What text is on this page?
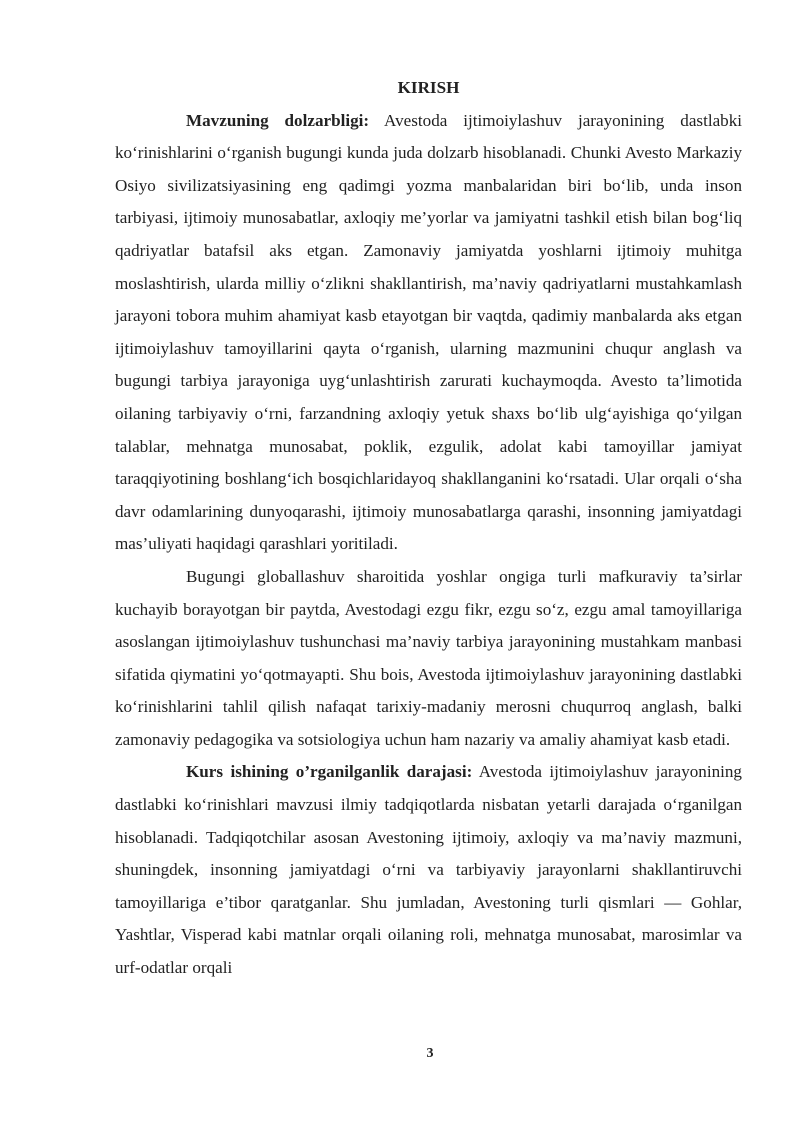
KIRISH

Mavzuning dolzarbligi: Avestoda ijtimoiylashuv jarayonining dastlabki koʻrinishlarini oʻrganish bugungi kunda juda dolzarb hisoblanadi. Chunki Avesto Markaziy Osiyo sivilizatsiyasining eng qadimgi yozma manbalaridan biri boʻlib, unda inson tarbiyasi, ijtimoiy munosabatlar, axloqiy me’yorlar va jamiyatni tashkil etish bilan bogʻliq qadriyatlar batafsil aks etgan. Zamonaviy jamiyatda yoshlarni ijtimoiy muhitga moslashtirish, ularda milliy oʻzlikni shakllantirish, ma’naviy qadriyatlarni mustahkamlash jarayoni tobora muhim ahamiyat kasb etayotgan bir vaqtda, qadimiy manbalarda aks etgan ijtimoiylashuv tamoyillarini qayta oʻrganish, ularning mazmunini chuqur anglash va bugungi tarbiya jarayoniga uygʻunlashtirish zarurati kuchaymoqda. Avesto ta’limotida oilaning tarbiyaviy oʻrni, farzandning axloqiy yetuk shaxs boʻlib ulgʻayishiga qoʻyilgan talablar, mehnatga munosabat, poklik, ezgulik, adolat kabi tamoyillar jamiyat taraqqiyotining boshlangʻich bosqichlaridayoq shakllanganini koʻrsatadi. Ular orqali oʻsha davr odamlarining dunyoqarashi, ijtimoiy munosabatlarga qarashi, insonning jamiyatdagi mas’uliyati haqidagi qarashlari yoritiladi.

Bugungi globallashuv sharoitida yoshlar ongiga turli mafkuraviy ta’sirlar kuchayib borayotgan bir paytda, Avestodagi ezgu fikr, ezgu soʻz, ezgu amal tamoyillariga asoslangan ijtimoiylashuv tushunchasi ma’naviy tarbiya jarayonining mustahkam manbasi sifatida qiymatini yoʻqotmayapti. Shu bois, Avestoda ijtimoiylashuv jarayonining dastlabki koʻrinishlarini tahlil qilish nafaqat tarixiy-madaniy merosni chuqurroq anglash, balki zamonaviy pedagogika va sotsiologiya uchun ham nazariy va amaliy ahamiyat kasb etadi.

Kurs ishining o’rganilganlik darajasi: Avestoda ijtimoiylashuv jarayonining dastlabki koʻrinishlari mavzusi ilmiy tadqiqotlarda nisbatan yetarli darajada oʻrganilgan hisoblanadi. Tadqiqotchilar asosan Avestoning ijtimoiy, axloqiy va ma’naviy mazmuni, shuningdek, insonning jamiyatdagi oʻrni va tarbiyaviy jarayonlarni shakllantiruvchi tamoyillariga e’tibor qaratganlar. Shu jumladan, Avestoning turli qismlari — Gohlar, Yashtlar, Visperad kabi matnlar orqali oilaning roli, mehnatga munosabat, marosimlar va urf-odatlar orqali

3
